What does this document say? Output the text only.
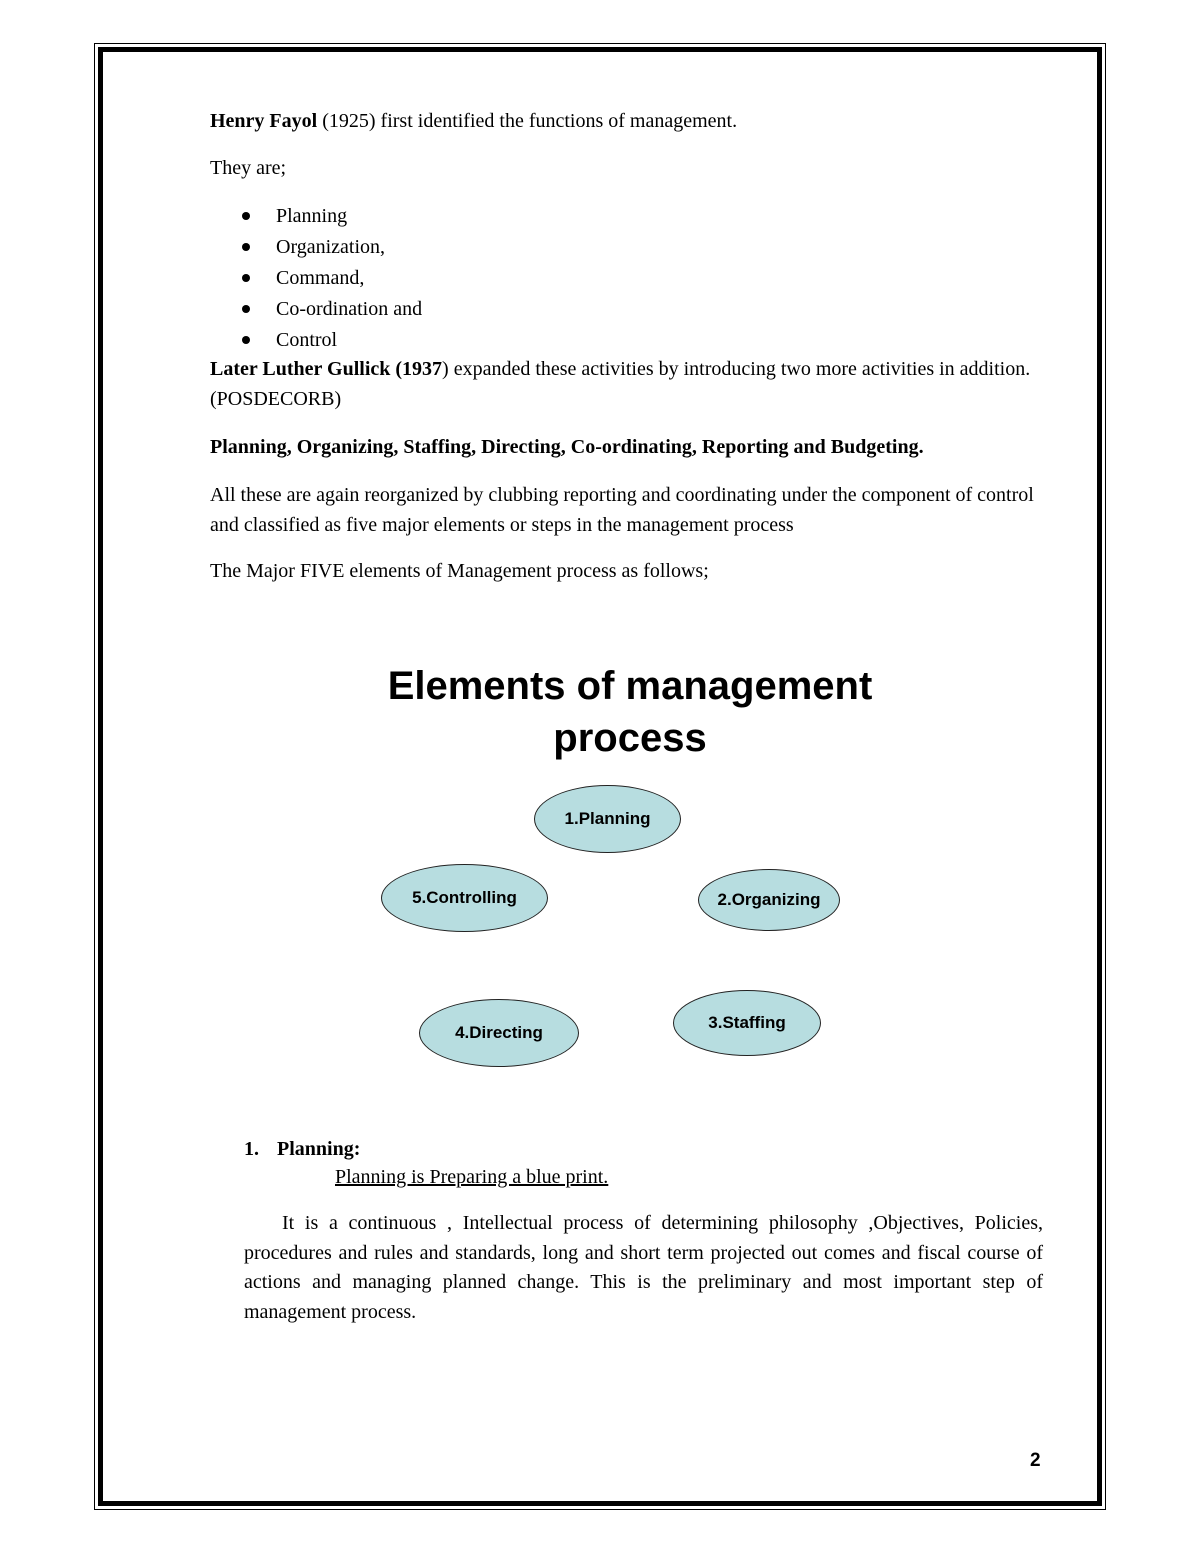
Henry Fayol (1925) first identified the functions of management.
They are;
Planning
Organization,
Command,
Co-ordination and
Control
Later Luther Gullick (1937) expanded these activities by introducing two more activities in addition. (POSDECORB)
Planning, Organizing, Staffing, Directing, Co-ordinating, Reporting and Budgeting.
All these are again reorganized by clubbing reporting and coordinating under the component of control and classified as five major elements or steps in the management process
The Major FIVE elements of Management process as follows;
Elements of management process
1.Planning
2.Organizing
3.Staffing
4.Directing
5.Controlling
1. Planning:
Planning is Preparing a blue print.
It is a continuous , Intellectual process of determining philosophy ,Objectives, Policies, procedures and rules and standards, long and short term projected out comes and fiscal course of actions and managing planned change. This is the preliminary and most important step of management process.
2
